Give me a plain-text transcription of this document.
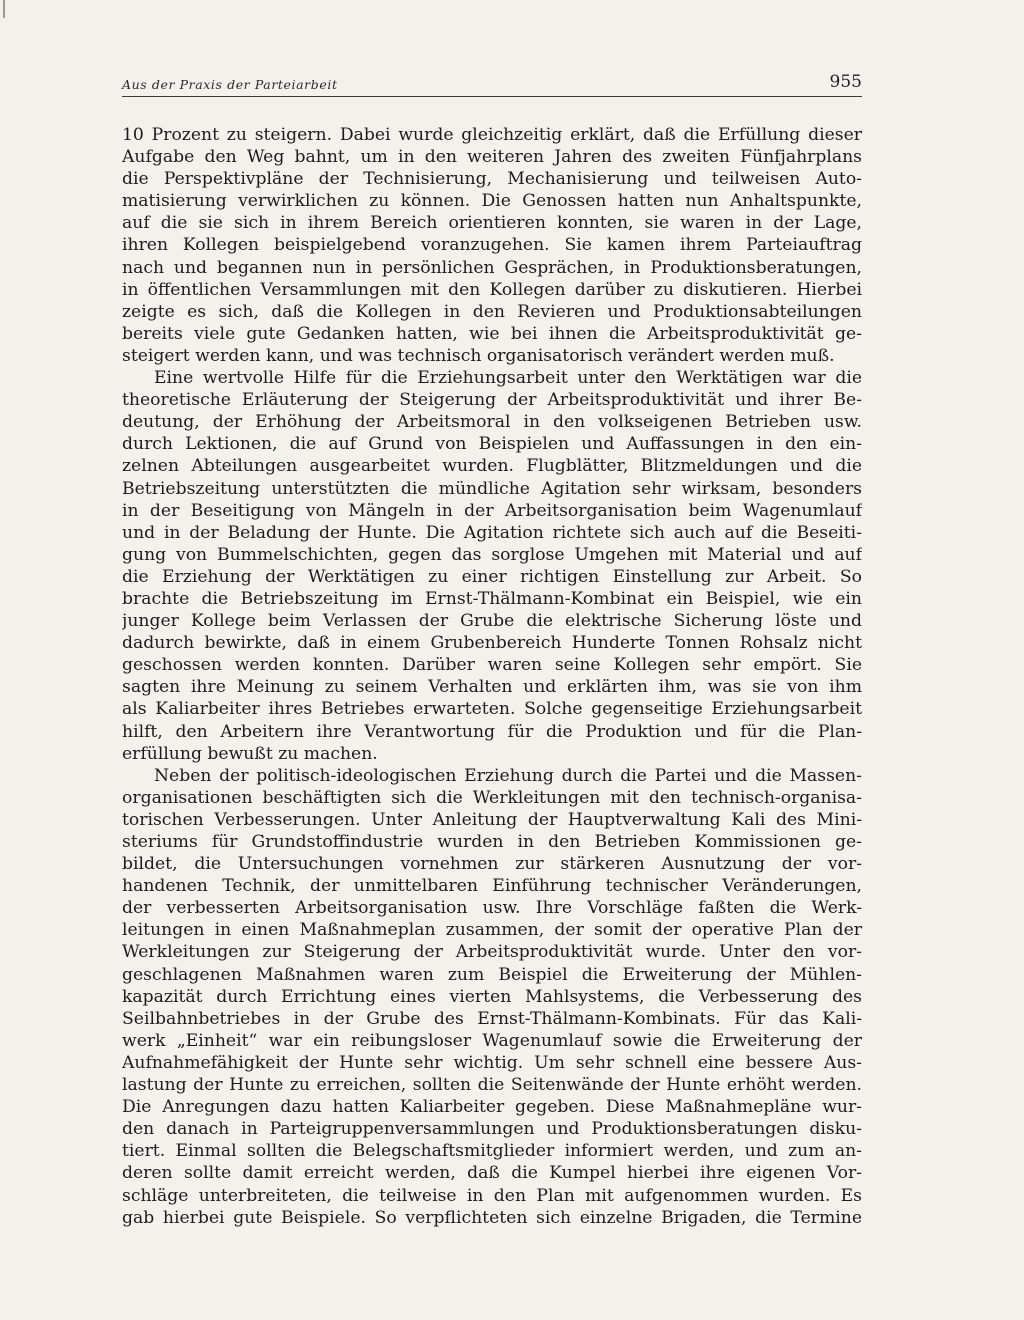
Aus der Praxis der Parteiarbeit	955
10 Prozent zu steigern. Dabei wurde gleichzeitig erklärt, daß die Erfüllung dieser
Aufgabe den Weg bahnt, um in den weiteren Jahren des zweiten Fünfjahrplans
die Perspektivpläne der Technisierung, Mechanisierung und teilweisen Auto-
matisierung verwirklichen zu können. Die Genossen hatten nun Anhaltspunkte,
auf die sie sich in ihrem Bereich orientieren konnten, sie waren in der Lage,
ihren Kollegen beispielgebend voranzugehen. Sie kamen ihrem Parteiauftrag
nach und begannen nun in persönlichen Gesprächen, in Produktionsberatungen,
in öffentlichen Versammlungen mit den Kollegen darüber zu diskutieren. Hierbei
zeigte es sich, daß die Kollegen in den Revieren und Produktionsabteilungen
bereits viele gute Gedanken hatten, wie bei ihnen die Arbeitsproduktivität ge-
steigert werden kann, und was technisch organisatorisch verändert werden muß.
Eine wertvolle Hilfe für die Erziehungsarbeit unter den Werktätigen war die
theoretische Erläuterung der Steigerung der Arbeitsproduktivität und ihrer Be-
deutung, der Erhöhung der Arbeitsmoral in den volkseigenen Betrieben usw.
durch Lektionen, die auf Grund von Beispielen und Auffassungen in den ein-
zelnen Abteilungen ausgearbeitet wurden. Flugblätter, Blitzmeldungen und die
Betriebszeitung unterstützten die mündliche Agitation sehr wirksam, besonders
in der Beseitigung von Mängeln in der Arbeitsorganisation beim Wagenumlauf
und in der Beladung der Hunte. Die Agitation richtete sich auch auf die Beseiti-
gung von Bummelschichten, gegen das sorglose Umgehen mit Material und auf
die Erziehung der Werktätigen zu einer richtigen Einstellung zur Arbeit. So
brachte die Betriebszeitung im Ernst-Thälmann-Kombinat ein Beispiel, wie ein
junger Kollege beim Verlassen der Grube die elektrische Sicherung löste und
dadurch bewirkte, daß in einem Grubenbereich Hunderte Tonnen Rohsalz nicht
geschossen werden konnten. Darüber waren seine Kollegen sehr empört. Sie
sagten ihre Meinung zu seinem Verhalten und erklärten ihm, was sie von ihm
als Kaliarbeiter ihres Betriebes erwarteten. Solche gegenseitige Erziehungsarbeit
hilft, den Arbeitern ihre Verantwortung für die Produktion und für die Plan-
erfüllung bewußt zu machen.
Neben der politisch-ideologischen Erziehung durch die Partei und die Massen-
organisationen beschäftigten sich die Werkleitungen mit den technisch-organisa-
torischen Verbesserungen. Unter Anleitung der Hauptverwaltung Kali des Mini-
steriums für Grundstoffindustrie wurden in den Betrieben Kommissionen ge-
bildet, die Untersuchungen vornehmen zur stärkeren Ausnutzung der vor-
handenen Technik, der unmittelbaren Einführung technischer Veränderungen,
der verbesserten Arbeitsorganisation usw. Ihre Vorschläge faßten die Werk-
leitungen in einen Maßnahmeplan zusammen, der somit der operative Plan der
Werkleitungen zur Steigerung der Arbeitsproduktivität wurde. Unter den vor-
geschlagenen Maßnahmen waren zum Beispiel die Erweiterung der Mühlen-
kapazität durch Errichtung eines vierten Mahlsystems, die Verbesserung des
Seilbahnbetriebes in der Grube des Ernst-Thälmann-Kombinats. Für das Kali-
werk „Einheit“ war ein reibungsloser Wagenumlauf sowie die Erweiterung der
Aufnahmefähigkeit der Hunte sehr wichtig. Um sehr schnell eine bessere Aus-
lastung der Hunte zu erreichen, sollten die Seitenwände der Hunte erhöht werden.
Die Anregungen dazu hatten Kaliarbeiter gegeben. Diese Maßnahmepläne wur-
den danach in Parteigruppenversammlungen und Produktionsberatungen disku-
tiert. Einmal sollten die Belegschaftsmitglieder informiert werden, und zum an-
deren sollte damit erreicht werden, daß die Kumpel hierbei ihre eigenen Vor-
schläge unterbreiteten, die teilweise in den Plan mit aufgenommen wurden. Es
gab hierbei gute Beispiele. So verpflichteten sich einzelne Brigaden, die Termine
